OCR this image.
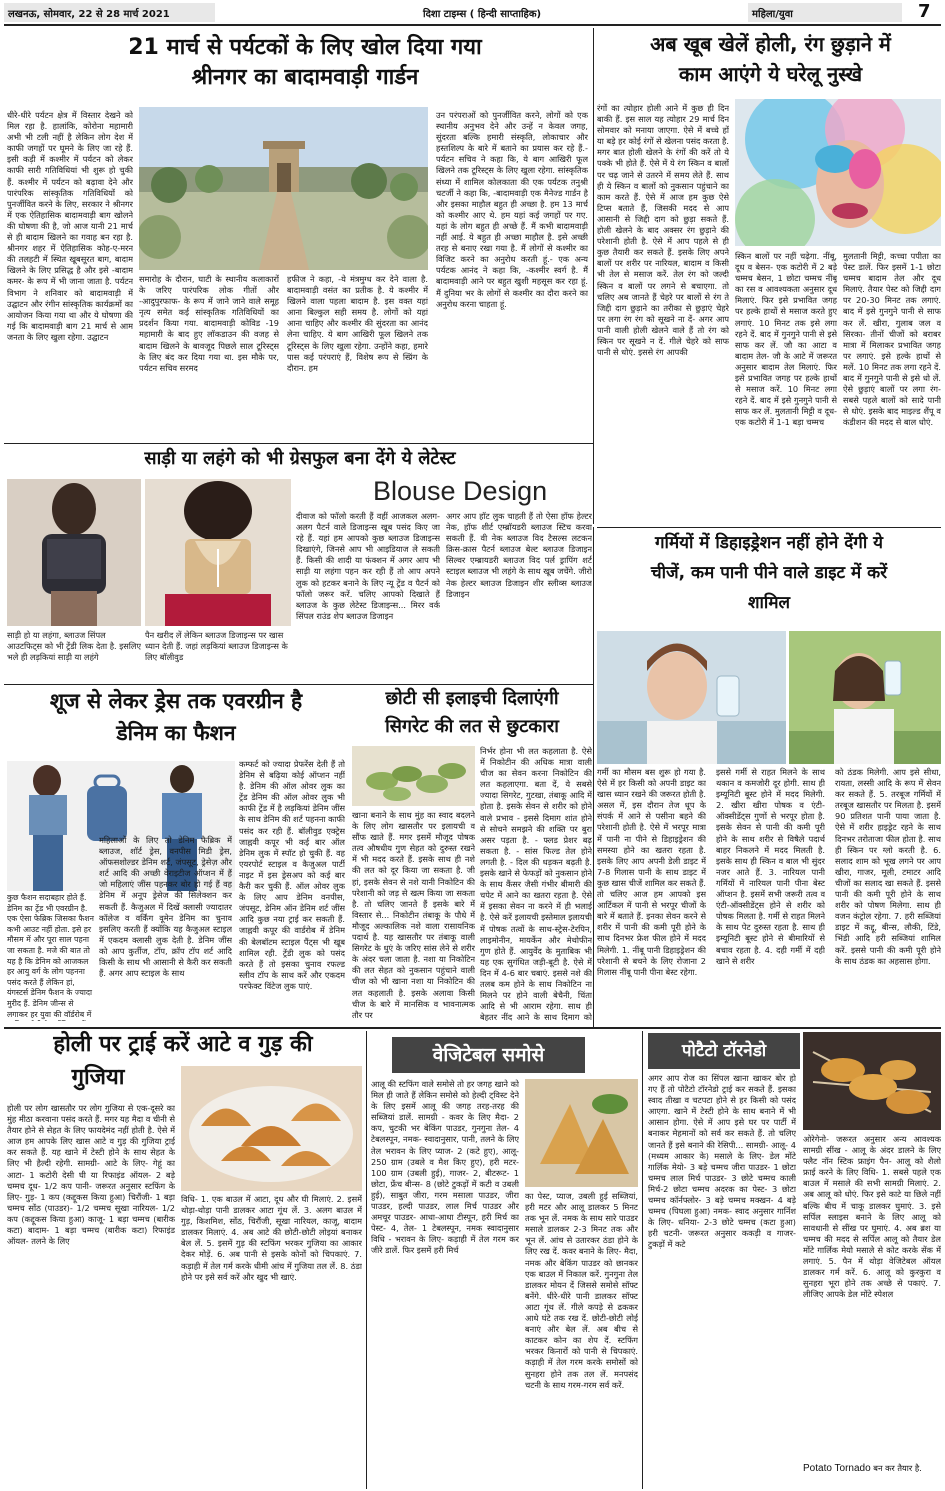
लखनऊ, सोमवार, 22 से 28 मार्च 2021	दिशा टाइम्स ( हिन्दी साप्ताहिक)	महिला/युवा	7
21 मार्च से पर्यटकों के लिए खोल दिया गया
श्रीनगर का बादामवाड़ी गार्डन
धीरे-धीरे पर्यटन क्षेत्र में विस्तार देखने को मिल रहा है. हालांकि, कोरोना महामारी अभी भी टली नहीं है लेकिन लोग देश में काफी जगहों पर घूमने के लिए जा रहे हैं. इसी कड़ी में कश्मीर में पर्यटन को लेकर काफी सारी गतिविधियां भी शुरू हो चुकी हैं. कश्मीर में पर्यटन को बढ़ावा देने और पारंपरिक सांस्कृतिक गतिविधियों को पुनर्जीवित करने के लिए, सरकार ने श्रीनगर में एक ऐतिहासिक बादामवाड़ी बाग खोलने की घोषणा की है, जो आज यानी 21 मार्च से ही बादाम खिलने का गवाह बन रहा है. श्रीनगर शहर में ऐतिहासिक कोह-ए-मरन की तलहटी में स्थित खूबसूरत बाग, बादाम खिलने के लिए प्रसिद्ध है और इसे -बादाम कमर- के रूप में भी जाना जाता है. पर्यटन विभाग ने शनिवार को बादामवाड़ी में उद्घाटन और रंगीन सांस्कृतिक कार्यक्रमों का आयोजन किया गया था और ये घोषणा की गई कि बादामवाड़ी बाग 21 मार्च से आम जनता के लिए खुला रहेगा. उद्घाटन
समारोह के दौरान, घाटी के स्थानीय कलाकारों के जरिए पारंपरिक लोक गीतों और -आदुपुरफाफ- के रूप में जाने जाने वाले समूह नृत्य समेत कई सांस्कृतिक गतिविधियों का प्रदर्शन किया गया. बादामवाड़ी कोविड -19 महामारी के बाद हुए लॉकडाउन की वजह से बादाम खिलने के बावजूद पिछले साल टूरिस्ट्स के लिए बंद कर दिया गया था. इस मौके पर, पर्यटन सचिव सरमद
हफीज ने कहा, -ये मंत्रमुग्ध कर देने वाला है. बादामवाड़ी वसंत का प्रतीक है. ये कश्मीर में खिलने वाला पहला बादाम है. इस वक्त यहां आना बिल्कुल सही समय है. लोगों को यहां आना चाहिए और कश्मीर की सुंदरता का आनंद लेना चाहिए. ये बाग आखिरी फूल खिलने तक टूरिस्ट्स के लिए खुला रहेगा. उन्होंने कहा, हमारे पास कई परंपराएं हैं, विशेष रूप से स्प्रिंग के दौरान. हम
उन परंपराओं को पुनर्जीवित करने, लोगों को एक स्थानीय अनुभव देने और उन्हें न केवल जगह, सुंदरता बल्कि हमारी संस्कृति, लोकाचार और हस्तशिल्प के बारे में बताने का प्रयास कर रहे हैं.- पर्यटन सचिव ने कहा कि, ये बाग आखिरी फूल खिलने तक टूरिस्ट्स के लिए खुला रहेगा. सांस्कृतिक संध्या में शामिल कोलकाता की एक पर्यटक तनुश्री चटर्जी ने कहा कि, -बादामवाड़ी एक मैनेज्ड गार्डन है और इसका माहौल बहुत ही अच्छा है. हम 13 मार्च को कश्मीर आए थे. हम यहां कई जगहों पर गए. यहां के लोग बहुत ही अच्छे हैं. मैं कभी बादामवाड़ी नहीं आई. ये बहुत ही अच्छा माहौल है. इसे अच्छी तरह से बनाए रखा गया है. मैं लोगों से कश्मीर का विजिट करने का अनुरोध करती हूं.- एक अन्य पर्यटक आनंद ने कहा कि, -कश्मीर स्वर्ग है. मैं बादामवाड़ी आने पर बहुत खुशी महसूस कर रहा हूं. मैं दुनिया भर के लोगों से कश्मीर का दौरा करने का अनुरोध करना चाहता हूं.
अब खूब खेलें होली, रंग छुड़ाने में
काम आएंगे ये घरेलू नुस्खे
रंगों का त्योहार होली आने में कुछ ही दिन बाकी हैं. इस साल यह त्योहार 29 मार्च दिन सोमवार को मनाया जाएगा. ऐसे में बच्चे हों या बड़े हर कोई रंगों से खेलना पसंद करता है. मगर बात होली खेलने के रंगों की करें तो ये पक्के भी होते हैं. ऐसे में ये रंग स्किन व बालों पर चढ़ जाने से उतरने में समय लेते हैं. साथ ही ये स्किन व बालों को नुकसान पहुंचाने का काम करते हैं. ऐसे में आज हम कुछ ऐसे टिप्स बताते हैं, जिसकी मदद से आप आसानी से जिद्दी दाग को छुड़ा सकते हैं. होली खेलने के बाद अक्सर रंग छुड़ाने की परेशानी होती है. ऐसे में आप पहले से ही कुछ तैयारी कर सकते हैं. इसके लिए अपने बालों पर शरीर पर नारियल, बादाम व किसी भी तेल से मसाज करें. तेल रंग को जल्दी स्किन व बालों पर लगने से बचाएगा. तो चलिए अब जानते हैं चेहरे पर बालों से रंग ते जिद्दी दाग छुड़ाने का तरीका से छुड़ाएं चेहरे पर लगा रंग रंग को सूखने ना दें- अगर आप पानी वाली होली खेलने वाले हैं तो रंग को स्किन पर सूखने न दें. गीले चेहरे को साफ पानी से धोएं. इससे रंग आपकी
स्किन बालों पर नहीं चढ़ेगा. नींबू, दूध व बेसन- एक कटोरी में 2 बड़े चम्मच बेसन, 1 छोटा चम्मच नींबू का रस व आवश्यकता अनुसार दूध मिलाएं. फिर इसे प्रभावित जगह पर हल्के हाथों से मसाज करते हुए लगाएं. 10 मिनट तक इसे लगा रहने दें. बाद में गुनगुने पानी से इसे साफ कर लें. जौ का आटा व बादाम तेल- जौ के आटे में जरूरत अनुसार बादाम तेल मिलाएं. फिर इसे प्रभावित जगह पर हल्के हाथों से मसाज करें. 10 मिनट लगा रहने दें. बाद में इसे गुनगुने पानी से साफ कर लें. मुलतानी मिट्टी व दूध- एक कटोरी में 1-1 बड़ा चम्मच
मुलतानी मिट्टी, कच्चा पपीता का पेस्ट डालें. फिर इसमें 1-1 छोटा चम्मच बादाम तेल और दूध मिलाएं. तैयार पेस्ट को जिद्दी दाग पर 20-30 मिनट तक लगाएं. बाद में इसे गुनगुने पानी से साफ कर लें. खीरा, गुलाब जल व सिरका- तीनों चीजों को बराबर मात्रा में मिलाकर प्रभावित जगह पर लगाएं. इसे हल्के हाथों से मलें. 10 मिनट तक लगा रहने दें. बाद में गुनगुने पानी से इसे धो लें. ऐसे छुड़ाएं बालों पर लगा रंग- सबसे पहले बालों को सादे पानी से धोएं. इसके बाद माइल्ड शैंपू व कंडीशन की मदद से बाल धोएं.
साड़ी या लहंगे को भी ग्रेसफुल बना देंगे ये लेटेस्ट
Blouse Design
साड़ी हो या लहंगा, ब्लाउज सिंपल आउटफिट्स को भी ट्रेंडी लिक देता है. इसलिए भले ही लड़कियां साड़ी या लहंगे
पैन खरीद लें लेकिन ब्लाउज डिजाइन्स पर खास ध्यान देती हैं. जहां लड़कियां ब्लाउज डिजाइन्स के लिए बॉलीवुड
दीवाज को फॉलो करती हैं वहीं आजकल अलग-अलग पैटर्न वाले डिजाइन्स खूब पसंद किए जा रहे हैं. यहां हम आपको कुछ ब्लाउज डिजाइन्स दिखाएंगे, जिनसे आप भी आइडियाज ले सकती हैं. किसी की शादी या फंक्शन में अगर आप भी साड़ी या लहंगा पहन कर रही हैं तो आप अपने लुक को हटकर बनाने के लिए न्यू ट्रेंड व पैटर्न को फॉलो जरूर करें. चलिए आपको दिखाते हैं ब्लाउज के कुछ लेटेस्ट डिजाइन्स... मिरर वर्क सिंपल राउंड शेप ब्लाउज डिजाइन
अगर आप हॉट लुक चाहती हैं तो ऐसा हॉफ हेल्टर नेक, हॉफ शीर्ट एम्ब्रॉयडरी ब्लाउज स्टिच करवा सकती हैं. वी नेक ब्लाउज विद टैसल्स लटकन क्रिस-क्रास पैटर्न ब्लाउज बेल्ट ब्लाउज डिजाइन सिल्वर एम्ब्रायडरी ब्लाउज विद पर्ल ड्रापिंग शर्ट स्टाइल ब्लाउज भी लहंगे के साथ खूब जचेंगे. जीरो नेक हेल्टर ब्लाउज डिजाइन शीर स्लीव्स ब्लाउज डिजाइन
गर्मियों में डिहाइड्रेशन नहीं होने देंगी ये
चीजें, कम पानी पीने वाले डाइट में करें
शामिल
गर्मी का मौसम बस शुरू हो गया है. ऐसे में हर किसी को अपनी डाइट का खास ध्यान रखने की जरूरत होती है. असल में, इस दौरान तेज धूप के संपर्क में आने से पसीना बहने की परेशानी होती है. ऐसे में भरपूर मात्रा में पानी ना पीने से डिहाइड्रेशन की समस्या होने का खतरा रहता है. इसके लिए आप अपनी डेली डाइट में 7-8 गिलास पानी के साथ डाइट में कुछ खास चीजें शामिल कर सकते हैं. तो चलिए आज हम आपको इस आर्टिकल में पानी से भरपूर चीजों के बारे में बताते हैं. इनका सेवन करने से शरीर में पानी की कमी पूरी होने के साथ दिनभर फ्रेश फील होने में मदद मिलेगी. 1. नींबू पानी डिहाइड्रेशन की परेशानी से बचने के लिए रोजाना 2 गिलास नींबू पानी पीना बेस्ट रहेगा.
इससे गर्मी से राहत मिलने के साथ थकान व कमजोरी दूर होगी. साथ ही इम्यूनिटी बूस्ट होने में मदद मिलेगी. 2. खीरा खीरा पोषक व एंटी-ऑक्सीडेंट्स गुणों से भरपूर होता है. इसके सेवन से पानी की कमी पूरी होने के साथ शरीर से विषैले पदार्थ बाहर निकलने में मदद मिलती है. इसके साथ ही स्किन व बाल भी सुंदर नजर आते हैं. 3. नारियल पानी गर्मियों में नारियल पानी पीना बेस्ट ऑप्शन है. इसमें सभी जरूरी तत्व व एंटी-ऑक्सीडेंट्स होने से शरीर को पोषक मिलता है. गर्मी से राहत मिलने के साथ पेट दुरुस्त रहता है. साथ ही इम्यूनिटी बूस्ट होने से बीमारियों से बचाव रहता है. 4. दही गर्मी में दही खाने से शरीर
को ठंडक मिलेगी. आप इसे सीधा, रायता, लस्सी आदि के रूप में सेवन कर सकते हैं. 5. तरबूज गर्मियों में तरबूज खासतौर पर मिलता है. इसमें 90 प्रतिशत पानी पाया जाता है. ऐसे में शरीर हाइड्रेट रहने के साथ दिनभर तरोताजा फील होता है. साथ ही स्किन पर ग्लो करती है. 6. सलाद शाम को भूख लगने पर आप खीरा, गाजर, मूली, टमाटर आदि चीजों का सलाद खा सकते हैं. इससे पानी की कमी पूरी होने के साथ शरीर को पोषण मिलेगा. साथ ही वजन कंट्रोल रहेगा. 7. हरी सब्जियां डाइट में कद्दू, बीन्स, लौकी, टिंडे, भिंडी आदि हरी सब्जियां शामिल करें. इससे पानी की कमी पूरी होने के साथ ठंडक का अहसास होगा.
शूज से लेकर ड्रेस तक एवरग्रीन है
डेनिम का फैशन
कुछ फैशन सदाबहार होते हैं. डेनिम का ट्रेंड भी एवरग्रीन है. एक ऐसा फेब्रिक जिसका फैशन कभी आउट नहीं होता. इसे हर मौसम में और पूरा साल पहना जा सकता है. मजे की बात तो यह है कि डेनिम को आजकल हर आयु वर्ग के लोग पहनना पसंद करते हैं लेकिन हां, यंगस्टर्स डेनिम फैशन के ज्यादा मुरीद हैं. डेनिम जीन्स से लगाकर हर युवा की वॉर्डरोब में
महिलाओं के लिए तो डेनिम फैब्रिक में ब्लाउज, शॉर्ट ड्रेस, वनपीस मिडी ड्रेस, ऑफसशोल्डर डेनिम शर्ट, जंपसूट, ड्रेसेज़ और शर्ट आदि की अच्छी वेराइटीज ऑप्शन में हैं जो महिलाएं जींस पहनकर बोर हो गई हैं वह डेनिम में अनूप ड्रेसेज की सिलेक्शन कर सकती हैं. कैजुअल में दिखें क्लासी ज्यादातर कॉलेज व वर्किंग वूमेन डेनिम का चुनाव इसलिए करती हैं क्योंकि यह कैजुअल स्टाइल में एकदम क्लासी लुक देती है. डेनिम जींस को आप कुर्तीज, टॉप, क्रॉप टॉप शर्ट आदि किसी के साथ भी आसानी से कैरी कर सकती हैं. अगर आप स्टाइल के साथ
कम्फर्ट को ज्यादा प्रेफरेंस देती हैं तो डेनिम से बढ़िया कोई ऑप्शन नहीं है. डेनिम की ऑल ओवर लुक का ट्रेंड डेनिम की ऑल ओवर लुक भी काफी ट्रेंड में है लड़कियां डेनिम जींस के साथ डेनिम की शर्ट पहनना काफी पसंद कर रही हैं. बॉलीवुड एक्ट्रेस जाह्नवी कपूर भी कई बार ऑल डेनिम लुक में स्पॉट हो चुकी हैं. वह एयरपोर्ट स्टाइल व कैजुअल पार्टी नाइट में इस ड्रेसअप को कई बार कैरी कर चुकी हैं. ऑल ओवर लुक के लिए आप डेनिम वनपीस, जंपसूट, डेनिम ऑन डेनिम शर्ट जींस आदि कुछ नया ट्राई कर सकती हैं. जाह्नवी कपूर की वार्डरोब में डेनिम की बेलबॉटम स्टाइल पैंट्स भी खूब शामिल रही. ट्रेंडी लुक को पसंद करते हैं तो इसका चुनाव रफल्ड स्लीव टॉप के साथ करें और एकदम परफेक्ट विंटेज लुक पाएं.
छोटी सी इलाइची दिलाएंगी
सिगरेट की लत से छुटकारा
खाना बनाने के साथ मुंह का स्वाद बदलने के लिए लोग खासतौर पर इलायची व सौंफ खाते हैं. मगर इसमें मौजूद पोषक तत्व औषधीय गुण सेहत को दुरुस्त रखने में भी मदद करते हैं. इसके साथ ही नशे की लत को दूर किया जा सकता है. जी हां, इसके सेवन से नशे यानी निकोटिन की परेशानी को जड़ से खत्म किया जा सकता है. तो चलिए जानते हैं इसके बारे में विस्तार से... निकोटीन तंबाकू के पौधे में मौजूद अल्कालिक नशे वाला रासायनिक पदार्थ है. यह खासतौर पर तंबाकू वाली सिगरेट के धुएं के जरिए सांस लेने से शरीर के अंदर चला जाता है. नशा या निकोटिन की लत सेहत को नुकसान पहुंचाने वाली चीज को भी खाना नशा या निकोटिन की लत कहलाती है. इसके अलावा किसी चीज के बारे में मानसिक व भावनात्मक तौर पर
निर्भर होना भी लत कहलाता है. ऐसे में निकोटीन की अधिक मात्रा वाली चीज का सेवन करना निकोटिन की लत कहलाएगा. बता दें, ये सबसे ज्यादा सिगरेट, गुटखा, तंबाकू आदि में होता है. इसके सेवन से शरीर को होने वाले प्रभाव - इससे दिमाग शांत होने से सोचने समझने की शक्ति पर बुरा असर पड़ता है. - फ्लड प्रेशर बढ़ सकता है. - सांस फिल्ड तेल होने लगती है. - दिल की धड़कन बढ़ती है. इसके खाने से फेफड़ों को नुकसान होने के साथ कैंसर जैसी गंभीर बीमारी की चपेट में आने का खतरा रहता है. ऐसे में इसका सेवन ना करने में ही भलाई है. ऐसे करें इलायची इस्तेमाल इलायची में पोषक तत्वों के साथ-स्ट्रेस-टेरपिन, लाइमोनीन, मायर्केन और मेथोफीन गुण होते हैं. आयुर्वेद के मुताबिक भी यह एक सुगंधित जड़ी-बूटी है. ऐसे में दिन में 4-6 बार चबाएं. इससे नशे की तलब कम होने के साथ निकोटिन ना मिलने पर होने वाली बेचैनी, चिंता आदि से भी आराम रहेगा. साथ ही बेहतर नींद आने के साथ दिमाग को
होली पर ट्राई करें आटे व गुड़ की
गुजिया
होली पर लोग खासतौर पर लोग गुजिया से एक-दूसरे का मुंह मीठा करवाना पसंद करते हैं. मगर यह मैदा व चीनी से तैयार होने से सेहत के लिए फायदेमंद नहीं होती है. ऐसे में आज हम आपके लिए खास आटे व गुड़ की गुजिया ट्राई कर सकते हैं. यह खाने में टेस्टी होने के साथ सेहत के लिए भी हैल्दी रहेगी. सामग्री- आटे के लिए- गेहूं का आटा- 1 कटोरी देसी घी या रिफाइंड ऑयल- 2 बड़े चम्मच दूध- 1/2 कप पानी- जरूरत अनुसार स्टफिंग के लिए- गुड़- 1 कप (कद्दूकस किया हुआ) चिरौंजी- 1 बड़ा चम्मच सोंठ (पाउडर)- 1/2 चम्मच सूखा नारियल- 1/2 कप (कद्दूकस किया हुआ) काजू- 1 बड़ा चम्मच (बारीक कटा) बादाम- 1 बड़ा चम्मच (बारीक कटा) रिफाइंड ऑयल- तलने के लिए
विधि- 1. एक बाउल में आटा, दूध और घी मिलाएं. 2. इसमें थोड़ा-थोड़ा पानी डालकर आटा गूंथ लें. 3. अलग बाउल में गुड़, किशमिश, सोंठ, चिरौंजी, सूखा नारियल, काजू, बादाम डालकर मिलाएं. 4. अब आटे की छोटी-छोटी लोइयां बनाकर बेल लें. 5. इसमें गुड़ की स्टफिंग भरकर गुजिया का आकार देकर मोड़ें. 6. अब पानी से इसके कोनों को चिपकाएं. 7. कड़ाही में तेल गर्म करके धीमी आंच में गुजिया तल लें. 8. ठंडा होने पर इसे सर्व करें और खुद भी खाएं.
वेजिटेबल समोसे
आलू की स्टफिंग वाले समोसे तो हर जगह खाने को मिल ही जाते हैं लेकिन समोसे को हेल्दी ट्विस्ट देने के लिए इसमें आलू की जगह तरह-तरह की सब्जियां डालें. सामग्री - कवर के लिए मैदा- 2 कप, चुटकी भर बेकिंग पाउडर, गुनगुना तेल- 4 टेबलस्पून, नमक- स्वादानुसार, पानी, तलने के लिए तेल भरावन के लिए प्याज- 2 (कटे हुए), आलू- 250 ग्राम (उबले व मैश किए हुए), हरी मटर- 100 ग्राम (उबली हुई), गाजर- 2, बीटरूट- 1 छोटा, फ्रेंच बीन्स- 8 (छोटे टुकड़ों में कटी व उबली हुई), साबुत जीरा, गरम मसाला पाउडर, जीरा पाउडर, हल्दी पाउडर, लाल मिर्च पाउडर और अमचूर पाउडर- आधा-आधा टीस्पून, हरी मिर्च का पेस्ट- 4, तेल- 1 टेबलस्पून, नमक स्वादानुसार विधि - भरावन के लिए- कड़ाही में तेल गरम कर जीरे डालें. फिर इसमें हरी मिर्च
का पेस्ट, प्याज, उबली हुई सब्जियां, हरी मटर और आलू डालकर 5 मिनट तक भून लें. नमक के साथ सारे पाउडर मसाले डालकर 2-3 मिनट तक और भून लें. आंच से उतारकर ठंडा होने के लिए रख दें. कवर बनाने के लिए- मैदा, नमक और बेकिंग पाउडर को छानकर एक बाउल में निकाल करें. गुनगुना तेल डालकर मोयन दें जिससे समोसे सॉफ्ट बनेंगे. धीरे-धीरे पानी डालकर सॉफ्ट आटा गूंथ लें. गीले कपड़े से ढककर आधे घंटे तक रख दें. छोटी-छोटी लोई बनाएं और बेल लें. अब बीच से काटकर कोन का शेप दें. स्टफिंग भरकर किनारों को पानी से चिपकाएं. कड़ाही में तेल गरम करके समोसों को सुनहरा होने तक तल लें. मनपसंद चटनी के साथ गरम-गरम सर्व करें.
पोटैटो टॉरनेडो
अगर आप रोज का सिंपल खाना खाकर बोर हो गए हैं तो पोटैटो टॉरनेडो ट्राई कर सकते हैं. इसका स्वाद तीखा व चटपटा होने से हर किसी को पसंद आएगा. खाने में टेस्टी होने के साथ बनाने में भी आसान होगा. ऐसे में आप इसे घर पर पार्टी में बनाकर मेहमानों को सर्व कर सकते हैं. तो चलिए जानते हैं इसे बनाने की रेसिपी... सामग्री- आलू- 4 (मध्यम आकार के) मसाले के लिए- डेल मोंटे गार्लिक मेयो- 3 बड़े चम्मच जीरा पाउडर- 1 छोटा चम्मच लाल मिर्च पाउडर- 3 छोटे चम्मच काली मिर्च-2 छोटा चम्मच अदरक का पेस्ट- 3 छोटा चम्मच कॉर्नफ्लोर- 3 बड़े चम्मच मक्खन- 4 बड़े चम्मच (पिघला हुआ) नमक- स्वाद अनुसार गार्निश के लिए- धनिया- 2-3 छोटे चम्मच (कटा हुआ) हरी चटनी- जरूरत अनुसार ककड़ी व गाजर- टुकड़ों में कटे
ओरेगेनो- जरूरत अनुसार अन्य आवश्यक सामग्री सींख - आलू के अंदर डालने के लिए फ्लैट नॉन स्टिक फ्राइंग पैन- आलू को शैलो फ्राई करने के लिए विधि- 1. सबसे पहले एक बाउल में मसाले की सभी सामग्री मिलाएं. 2. अब आलू को धोएं. फिर इसे काटे या छिले नहीं बल्कि बीच में चाकू डालकर घुमाएं. 3. इसे सर्पिल स्लाइस बनाने के लिए आलू को सावधानी से सींख पर घुमाएं. 4. अब ब्रश या चम्मच की मदद से सर्पिल आलू को तैयार डेल मोंटे गार्लिक मेयो मसाले से कोट करके सेंक में लगाएं. 5. पैन में थोड़ा वेजिटेबल ऑयल डालकर गर्म करें. 6. आलू को कुरकुरा व सुनहरा भूरा होने तक अच्छे से पकाएं. 7. लीजिए आपके डेल मोंटे स्पेशल
Potato Tornado बन कर तैयार है.
